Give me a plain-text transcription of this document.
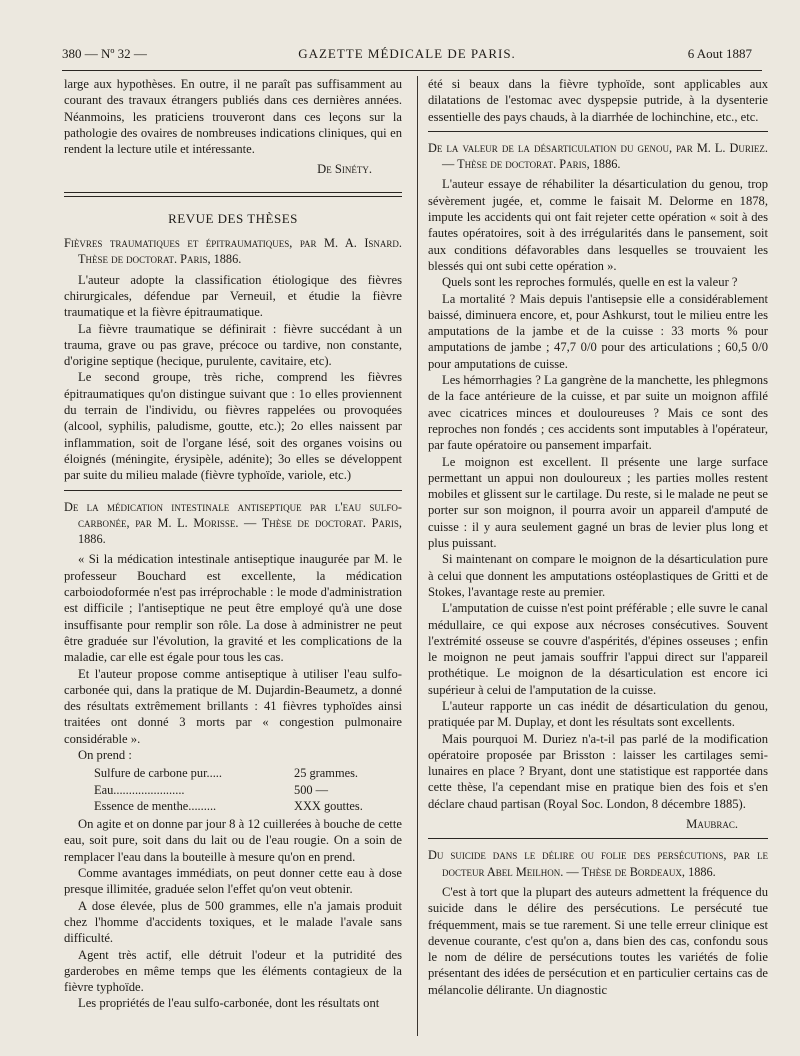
380 — Nº 32 —	GAZETTE MÉDICALE DE PARIS.	6 Aout 1887

large aux hypothèses. En outre, il ne paraît pas suffisamment au courant des travaux étrangers publiés dans ces dernières années. Néanmoins, les praticiens trouveront dans ces leçons sur la pathologie des ovaires de nombreuses indications cliniques, qui en rendent la lecture utile et intéressante.

De Sinéty.
REVUE DES THÈSES

Fièvres traumatiques et épitraumatiques, par M. A. Isnard. Thèse de doctorat. Paris, 1886.

L'auteur adopte la classification étiologique des fièvres chirurgicales, défendue par Verneuil, et étudie la fièvre traumatique et la fièvre épitraumatique.

La fièvre traumatique se définirait : fièvre succédant à un trauma, grave ou pas grave, précoce ou tardive, non constante, d'origine septique (hecique, purulente, cavitaire, etc).

Le second groupe, très riche, comprend les fièvres épitraumatiques qu'on distingue suivant que : 1o elles proviennent du terrain de l'individu, ou fièvres rappelées ou provoquées (alcool, syphilis, paludisme, goutte, etc.); 2o elles naissent par inflammation, soit de l'organe lésé, soit des organes voisins ou éloignés (méningite, érysipèle, adénite); 3o elles se développent par suite du milieu malade (fièvre typhoïde, variole, etc.)

De la médication intestinale antiseptique par l'eau sulfo-carbonée, par M. L. Morisse. — Thèse de doctorat. Paris, 1886.

« Si la médication intestinale antiseptique inaugurée par M. le professeur Bouchard est excellente, la médication carboiodoformée n'est pas irréprochable : le mode d'administration est difficile ; l'antiseptique ne peut être employé qu'à une dose insuffisante pour remplir son rôle. La dose à administrer ne peut être graduée sur l'évolution, la gravité et les complications de la maladie, car elle est égale pour tous les cas.

Et l'auteur propose comme antiseptique à utiliser l'eau sulfo-carbonée qui, dans la pratique de M. Dujardin-Beaumetz, a donné des résultats extrêmement brillants : 41 fièvres typhoïdes ainsi traitées ont donné 3 morts par « congestion pulmonaire considérable ».

On prend :

Sulfure de carbone pur.....	25 grammes.
Eau.......................	500 —
Essence de menthe.........	XXX gouttes.

On agite et on donne par jour 8 à 12 cuillerées à bouche de cette eau, soit pure, soit dans du lait ou de l'eau rougie. On a soin de remplacer l'eau dans la bouteille à mesure qu'on en prend.

Comme avantages immédiats, on peut donner cette eau à dose presque illimitée, graduée selon l'effet qu'on veut obtenir.

A dose élevée, plus de 500 grammes, elle n'a jamais produit chez l'homme d'accidents toxiques, et le malade l'avale sans difficulté.

Agent très actif, elle détruit l'odeur et la putridité des garderobes en même temps que les éléments contagieux de la fièvre typhoïde.

Les propriétés de l'eau sulfo-carbonée, dont les résultats ont

été si beaux dans la fièvre typhoïde, sont applicables aux dilatations de l'estomac avec dyspepsie putride, à la dysenterie essentielle des pays chauds, à la diarrhée de lochinchine, etc., etc.

De la valeur de la désarticulation du genou, par M. L. Duriez. — Thèse de doctorat. Paris, 1886.

L'auteur essaye de réhabiliter la désarticulation du genou, trop sévèrement jugée, et, comme le faisait M. Delorme en 1878, impute les accidents qui ont fait rejeter cette opération « soit à des fautes opératoires, soit à des irrégularités dans le pansement, soit aux conditions défavorables dans lesquelles se trouvaient les blessés qui ont subi cette opération ».

Quels sont les reproches formulés, quelle en est la valeur ?

La mortalité ? Mais depuis l'antisepsie elle a considérablement baissé, diminuera encore, et, pour Ashkurst, tout le milieu entre les amputations de la jambe et de la cuisse : 33 morts % pour amputations de jambe ; 47,7 0/0 pour des articulations ; 60,5 0/0 pour amputations de cuisse.

Les hémorrhagies ? La gangrène de la manchette, les phlegmons de la face antérieure de la cuisse, et par suite un moignon affilé avec cicatrices minces et douloureuses ? Mais ce sont des reproches non fondés ; ces accidents sont imputables à l'opérateur, par faute opératoire ou pansement imparfait.

Le moignon est excellent. Il présente une large surface permettant un appui non douloureux ; les parties molles restent mobiles et glissent sur le cartilage. Du reste, si le malade ne peut se porter sur son moignon, il pourra avoir un appareil d'amputé de cuisse : il y aura seulement gagné un bras de levier plus long et plus puissant.

Si maintenant on compare le moignon de la désarticulation pure à celui que donnent les amputations ostéoplastiques de Gritti et de Stokes, l'avantage reste au premier.

L'amputation de cuisse n'est point préférable ; elle suvre le canal médullaire, ce qui expose aux nécroses consécutives. Souvent l'extrémité osseuse se couvre d'aspérités, d'épines osseuses ; enfin le moignon ne peut jamais souffrir l'appui direct sur l'appareil prothétique. Le moignon de la désarticulation est encore ici supérieur à celui de l'amputation de la cuisse.

L'auteur rapporte un cas inédit de désarticulation du genou, pratiquée par M. Duplay, et dont les résultats sont excellents.

Mais pourquoi M. Duriez n'a-t-il pas parlé de la modification opératoire proposée par Brisston : laisser les cartilages semi-lunaires en place ? Bryant, dont une statistique est rapportée dans cette thèse, l'a cependant mise en pratique bien des fois et s'en déclare chaud partisan (Royal Soc. London, 8 décembre 1885).

Maubrac.

Du suicide dans le délire ou folie des persécutions, par le docteur Abel Meilhon. — Thèse de Bordeaux, 1886.

C'est à tort que la plupart des auteurs admettent la fréquence du suicide dans le délire des persécutions. Le persécuté tue fréquemment, mais se tue rarement. Si une telle erreur clinique est devenue courante, c'est qu'on a, dans bien des cas, confondu sous le nom de délire de persécutions toutes les variétés de folie présentant des idées de persécution et en particulier certains cas de mélancolie délirante. Un diagnostic
